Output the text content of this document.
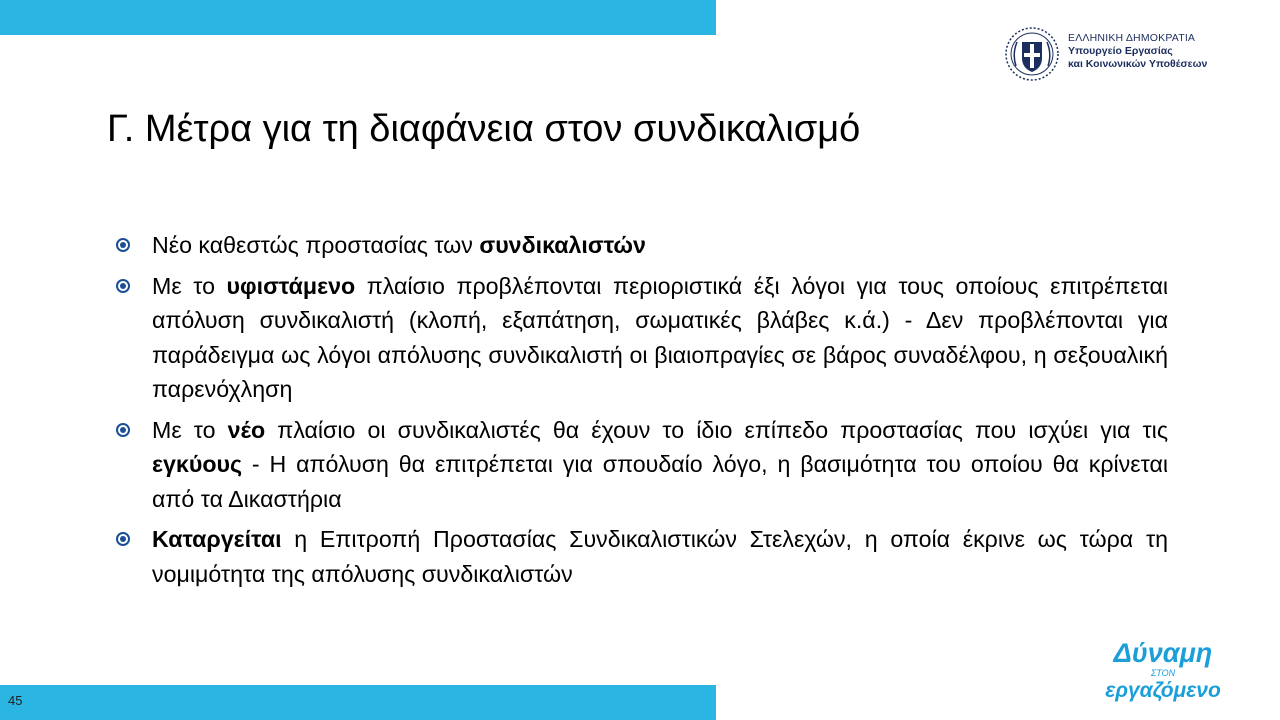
ΕΛΛΗΝΙΚΗ ΔΗΜΟΚΡΑΤΙΑ
Υπουργείο Εργασίας
και Κοινωνικών Υποθέσεων
Γ. Μέτρα για τη διαφάνεια στον συνδικαλισμό
Νέο καθεστώς προστασίας των συνδικαλιστών
Με το υφιστάμενο πλαίσιο προβλέπονται περιοριστικά έξι λόγοι για τους οποίους επιτρέπεται απόλυση συνδικαλιστή (κλοπή, εξαπάτηση, σωματικές βλάβες κ.ά.) - Δεν προβλέπονται για παράδειγμα ως λόγοι απόλυσης συνδικαλιστή οι βιαιοπραγίες σε βάρος συναδέλφου, η σεξουαλική παρενόχληση
Με το νέο πλαίσιο οι συνδικαλιστές θα έχουν το ίδιο επίπεδο προστασίας που ισχύει για τις εγκύους - Η απόλυση θα επιτρέπεται για σπουδαίο λόγο, η βασιμότητα του οποίου θα κρίνεται από τα Δικαστήρια
Καταργείται η Επιτροπή Προστασίας Συνδικαλιστικών Στελεχών, η οποία έκρινε ως τώρα τη νομιμότητα της απόλυσης συνδικαλιστών
Δύναμη
ΣΤΟΝ
εργαζόμενο
45
